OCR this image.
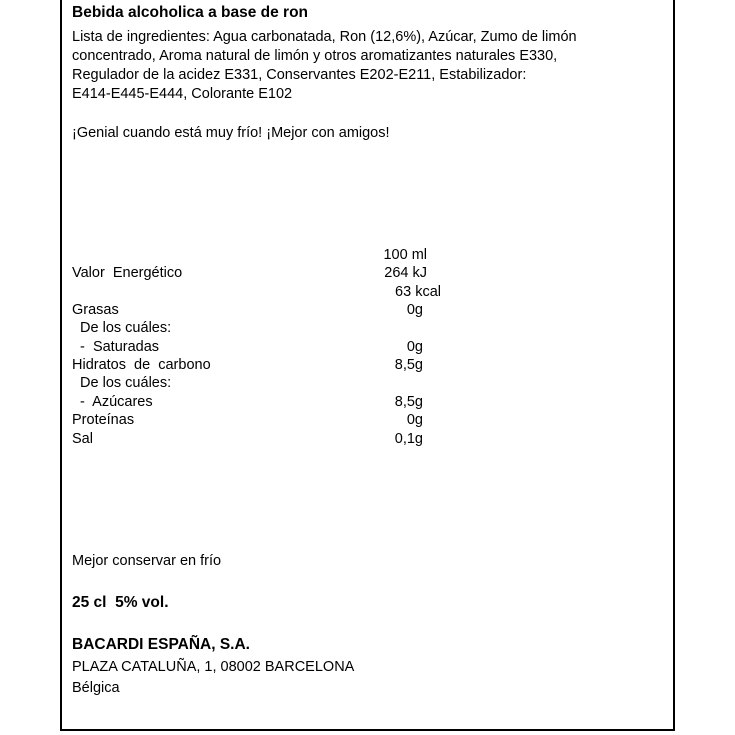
Bebida alcoholica a base de ron
Lista de ingredientes: Agua carbonatada, Ron (12,6%), Azúcar, Zumo de limón
concentrado, Aroma natural de limón y otros aromatizantes naturales E330,
Regulador de la acidez E331, Conservantes E202-E211, Estabilizador:
E414-E445-E444, Colorante E102
¡Genial cuando está muy frío! ¡Mejor con amigos!
100 ml
Valor  Energético	264 kJ
63 kcal
Grasas	0g
De los cuáles:
-  Saturadas	0g
Hidratos  de  carbono	8,5g
De los cuáles:
-  Azúcares	8,5g
Proteínas	0g
Sal	0,1g
Mejor conservar en frío
25 cl  5% vol.
BACARDI ESPAÑA, S.A.
PLAZA CATALUÑA, 1, 08002 BARCELONA
Bélgica
